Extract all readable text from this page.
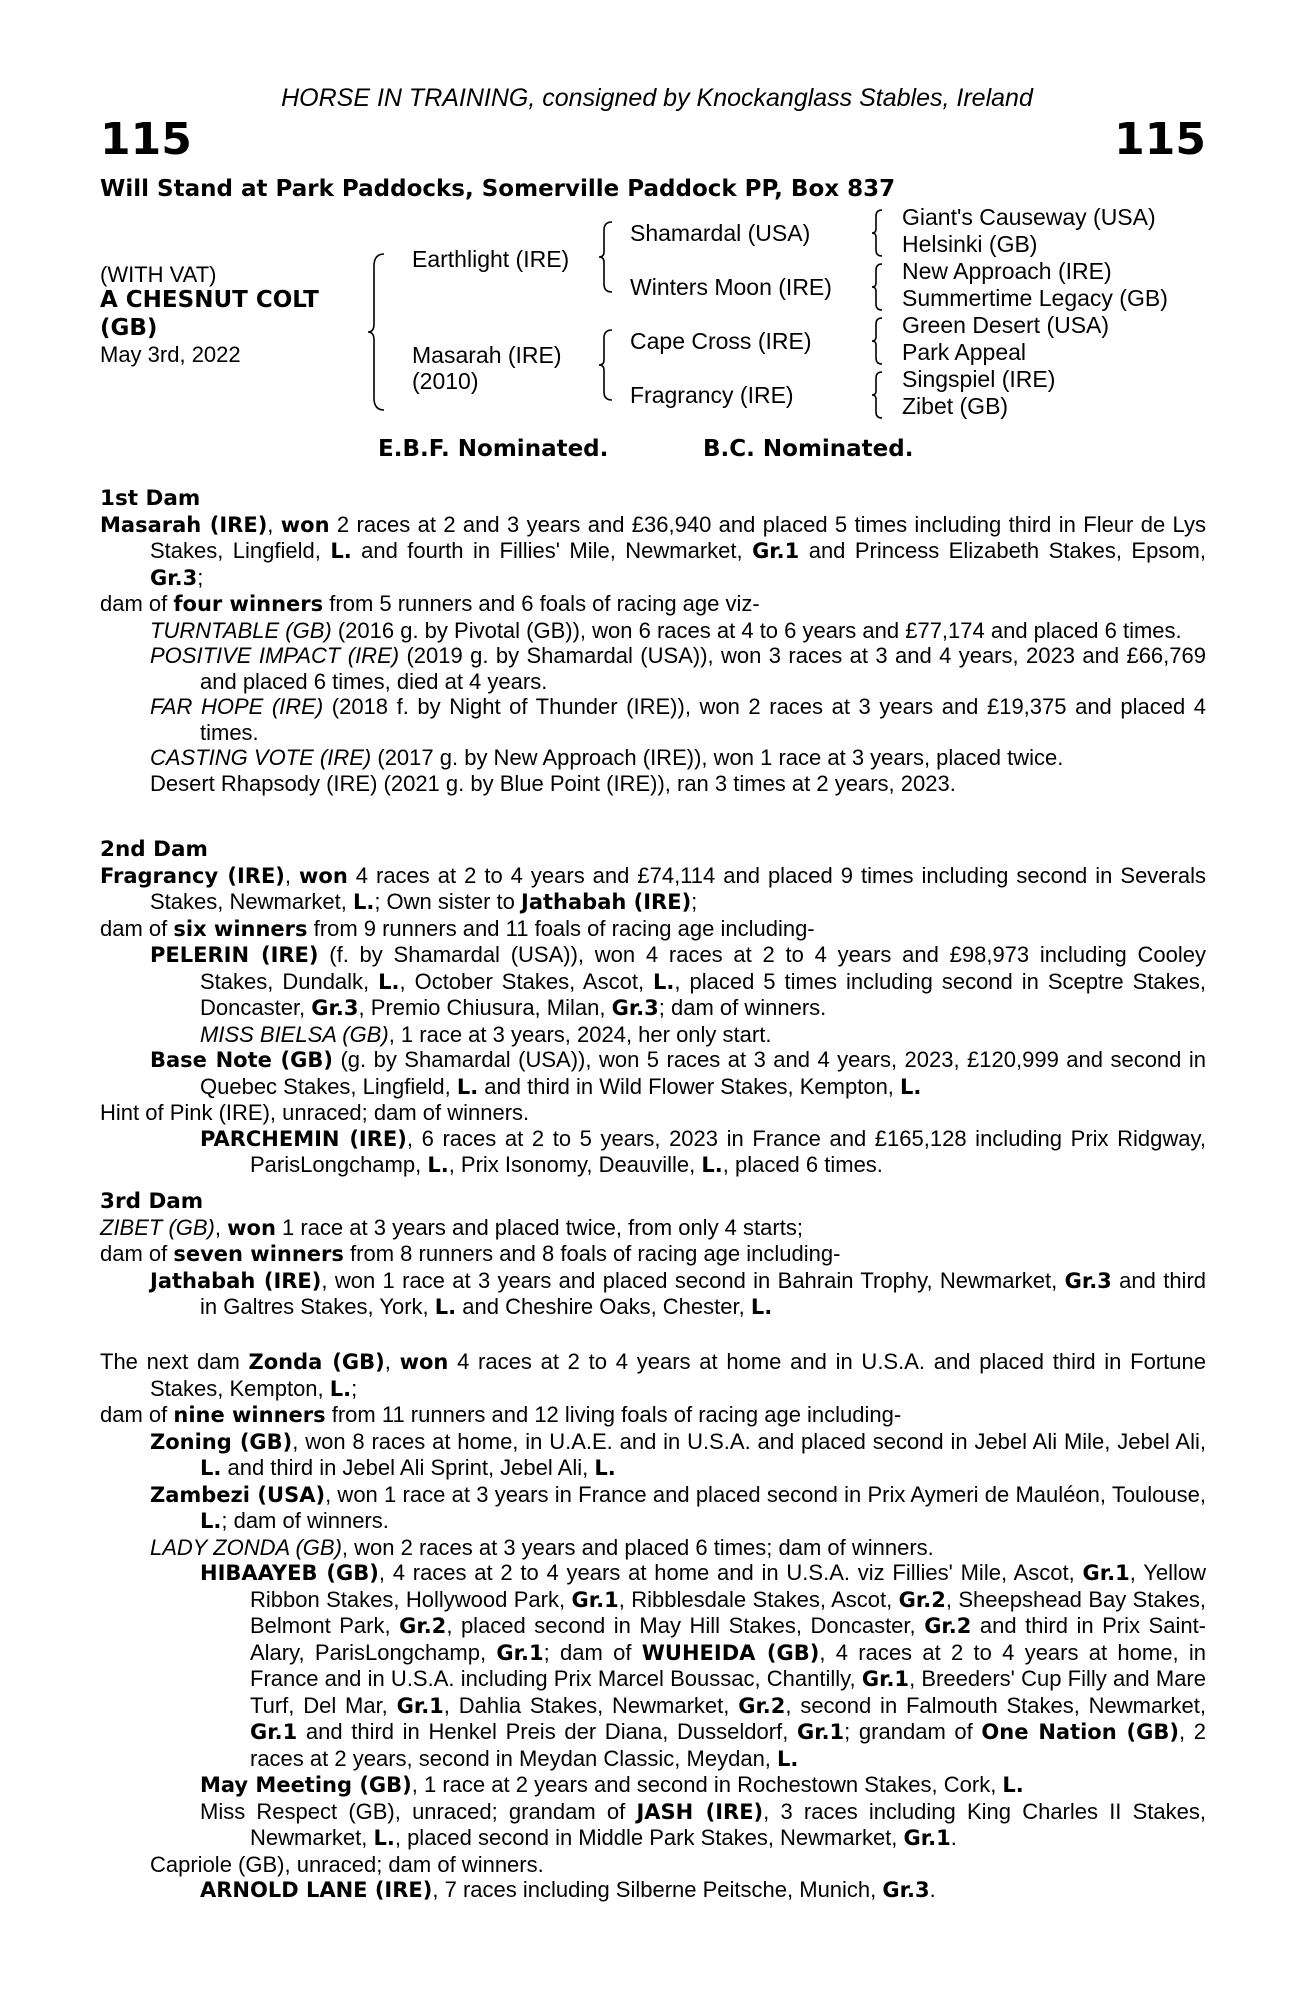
HORSE IN TRAINING, consigned by Knockanglass Stables, Ireland
115	115
Will Stand at Park Paddocks, Somerville Paddock PP, Box 837
(WITH VAT)
A CHESNUT COLT
(GB)
May 3rd, 2022
Earthlight (IRE)
Masarah (IRE)
(2010)
Shamardal (USA)
Winters Moon (IRE)
Cape Cross (IRE)
Fragrancy (IRE)
Giant's Causeway (USA)
Helsinki (GB)
New Approach (IRE)
Summertime Legacy (GB)
Green Desert (USA)
Park Appeal
Singspiel (IRE)
Zibet (GB)
E.B.F. Nominated.	B.C. Nominated.

1st Dam

Masarah (IRE), won 2 races at 2 and 3 years and £36,940 and placed 5 times including third in Fleur de Lys Stakes, Lingfield, L. and fourth in Fillies' Mile, Newmarket, Gr.1 and Princess Elizabeth Stakes, Epsom, Gr.3;

dam of four winners from 5 runners and 6 foals of racing age viz-

TURNTABLE (GB) (2016 g. by Pivotal (GB)), won 6 races at 4 to 6 years and £77,174 and placed 6 times.

POSITIVE IMPACT (IRE) (2019 g. by Shamardal (USA)), won 3 races at 3 and 4 years, 2023 and £66,769 and placed 6 times, died at 4 years.

FAR HOPE (IRE) (2018 f. by Night of Thunder (IRE)), won 2 races at 3 years and £19,375 and placed 4 times.

CASTING VOTE (IRE) (2017 g. by New Approach (IRE)), won 1 race at 3 years, placed twice.

Desert Rhapsody (IRE) (2021 g. by Blue Point (IRE)), ran 3 times at 2 years, 2023.

2nd Dam

Fragrancy (IRE), won 4 races at 2 to 4 years and £74,114 and placed 9 times including second in Severals Stakes, Newmarket, L.; Own sister to Jathabah (IRE);

dam of six winners from 9 runners and 11 foals of racing age including-

PELERIN (IRE) (f. by Shamardal (USA)), won 4 races at 2 to 4 years and £98,973 including Cooley Stakes, Dundalk, L., October Stakes, Ascot, L., placed 5 times including second in Sceptre Stakes, Doncaster, Gr.3, Premio Chiusura, Milan, Gr.3; dam of winners.

MISS BIELSA (GB), 1 race at 3 years, 2024, her only start.

Base Note (GB) (g. by Shamardal (USA)), won 5 races at 3 and 4 years, 2023, £120,999 and second in Quebec Stakes, Lingfield, L. and third in Wild Flower Stakes, Kempton, L.

Hint of Pink (IRE), unraced; dam of winners.

PARCHEMIN (IRE), 6 races at 2 to 5 years, 2023 in France and £165,128 including Prix Ridgway, ParisLongchamp, L., Prix Isonomy, Deauville, L., placed 6 times.

3rd Dam

ZIBET (GB), won 1 race at 3 years and placed twice, from only 4 starts;

dam of seven winners from 8 runners and 8 foals of racing age including-

Jathabah (IRE), won 1 race at 3 years and placed second in Bahrain Trophy, Newmarket, Gr.3 and third in Galtres Stakes, York, L. and Cheshire Oaks, Chester, L.

The next dam Zonda (GB), won 4 races at 2 to 4 years at home and in U.S.A. and placed third in Fortune Stakes, Kempton, L.;

dam of nine winners from 11 runners and 12 living foals of racing age including-

Zoning (GB), won 8 races at home, in U.A.E. and in U.S.A. and placed second in Jebel Ali Mile, Jebel Ali, L. and third in Jebel Ali Sprint, Jebel Ali, L.

Zambezi (USA), won 1 race at 3 years in France and placed second in Prix Aymeri de Mauléon, Toulouse, L.; dam of winners.

LADY ZONDA (GB), won 2 races at 3 years and placed 6 times; dam of winners.

HIBAAYEB (GB), 4 races at 2 to 4 years at home and in U.S.A. viz Fillies' Mile, Ascot, Gr.1, Yellow Ribbon Stakes, Hollywood Park, Gr.1, Ribblesdale Stakes, Ascot, Gr.2, Sheepshead Bay Stakes, Belmont Park, Gr.2, placed second in May Hill Stakes, Doncaster, Gr.2 and third in Prix Saint-Alary, ParisLongchamp, Gr.1; dam of WUHEIDA (GB), 4 races at 2 to 4 years at home, in France and in U.S.A. including Prix Marcel Boussac, Chantilly, Gr.1, Breeders' Cup Filly and Mare Turf, Del Mar, Gr.1, Dahlia Stakes, Newmarket, Gr.2, second in Falmouth Stakes, Newmarket, Gr.1 and third in Henkel Preis der Diana, Dusseldorf, Gr.1; grandam of One Nation (GB), 2 races at 2 years, second in Meydan Classic, Meydan, L.

May Meeting (GB), 1 race at 2 years and second in Rochestown Stakes, Cork, L.

Miss Respect (GB), unraced; grandam of JASH (IRE), 3 races including King Charles II Stakes, Newmarket, L., placed second in Middle Park Stakes, Newmarket, Gr.1.

Capriole (GB), unraced; dam of winners.

ARNOLD LANE (IRE), 7 races including Silberne Peitsche, Munich, Gr.3.
